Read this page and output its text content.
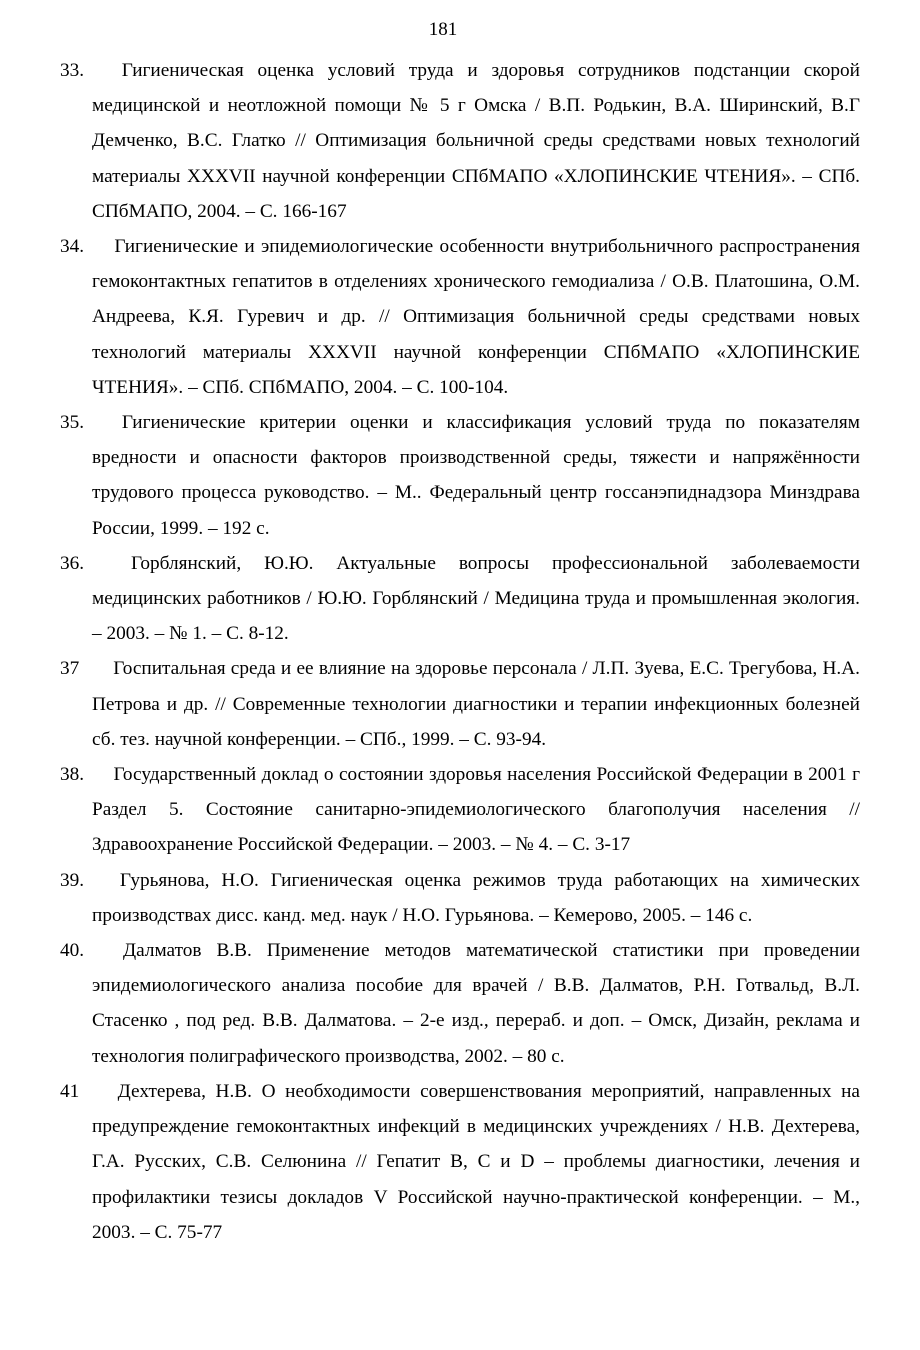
181
33. Гигиеническая оценка условий труда и здоровья сотрудников подстанции скорой медицинской и неотложной помощи № 5 г Омска / В.П. Родькин, В.А. Ширинский, В.Г Демченко, В.С. Глатко // Оптимизация больничной среды средствами новых технологий материалы XXXVII научной конференции СПбМАПО «ХЛОПИНСКИЕ ЧТЕНИЯ». – СПб. СПбМАПО, 2004. – С. 166-167
34. Гигиенические и эпидемиологические особенности внутрибольничного распространения гемоконтактных гепатитов в отделениях хронического гемодиализа / О.В. Платошина, О.М. Андреева, К.Я. Гуревич и др. // Оптимизация больничной среды средствами новых технологий материалы XXXVII научной конференции СПбМАПО «ХЛОПИНСКИЕ ЧТЕНИЯ». – СПб. СПбМАПО, 2004. – С. 100-104.
35. Гигиенические критерии оценки и классификация условий труда по показателям вредности и опасности факторов производственной среды, тяжести и напряжённости трудового процесса руководство. – М.. Федеральный центр госсанэпиднадзора Минздрава России, 1999. – 192 с.
36. Горблянский, Ю.Ю. Актуальные вопросы профессиональной заболеваемости медицинских работников / Ю.Ю. Горблянский / Медицина труда и промышленная экология. – 2003. – № 1. – С. 8-12.
37 Госпитальная среда и ее влияние на здоровье персонала / Л.П. Зуева, Е.С. Трегубова, Н.А. Петрова и др. // Современные технологии диагностики и терапии инфекционных болезней сб. тез. научной конференции. – СПб., 1999. – С. 93-94.
38. Государственный доклад о состоянии здоровья населения Российской Федерации в 2001 г Раздел 5. Состояние санитарно-эпидемиологического благополучия населения // Здравоохранение Российской Федерации. – 2003. – № 4. – С. 3-17
39. Гурьянова, Н.О. Гигиеническая оценка режимов труда работающих на химических производствах дисс. канд. мед. наук / Н.О. Гурьянова. – Кемерово, 2005. – 146 с.
40. Далматов В.В. Применение методов математической статистики при проведении эпидемиологического анализа пособие для врачей / В.В. Далматов, Р.Н. Готвальд, В.Л. Стасенко , под ред. В.В. Далматова. – 2-е изд., перераб. и доп. – Омск, Дизайн, реклама и технология полиграфического производства, 2002. – 80 с.
41 Дехтерева, Н.В. О необходимости совершенствования мероприятий, направленных на предупреждение гемоконтактных инфекций в медицинских учреждениях / Н.В. Дехтерева, Г.А. Русских, С.В. Селюнина // Гепатит В, С и D – проблемы диагностики, лечения и профилактики тезисы докладов V Российской научно-практической конференции. – М., 2003. – С. 75-77
